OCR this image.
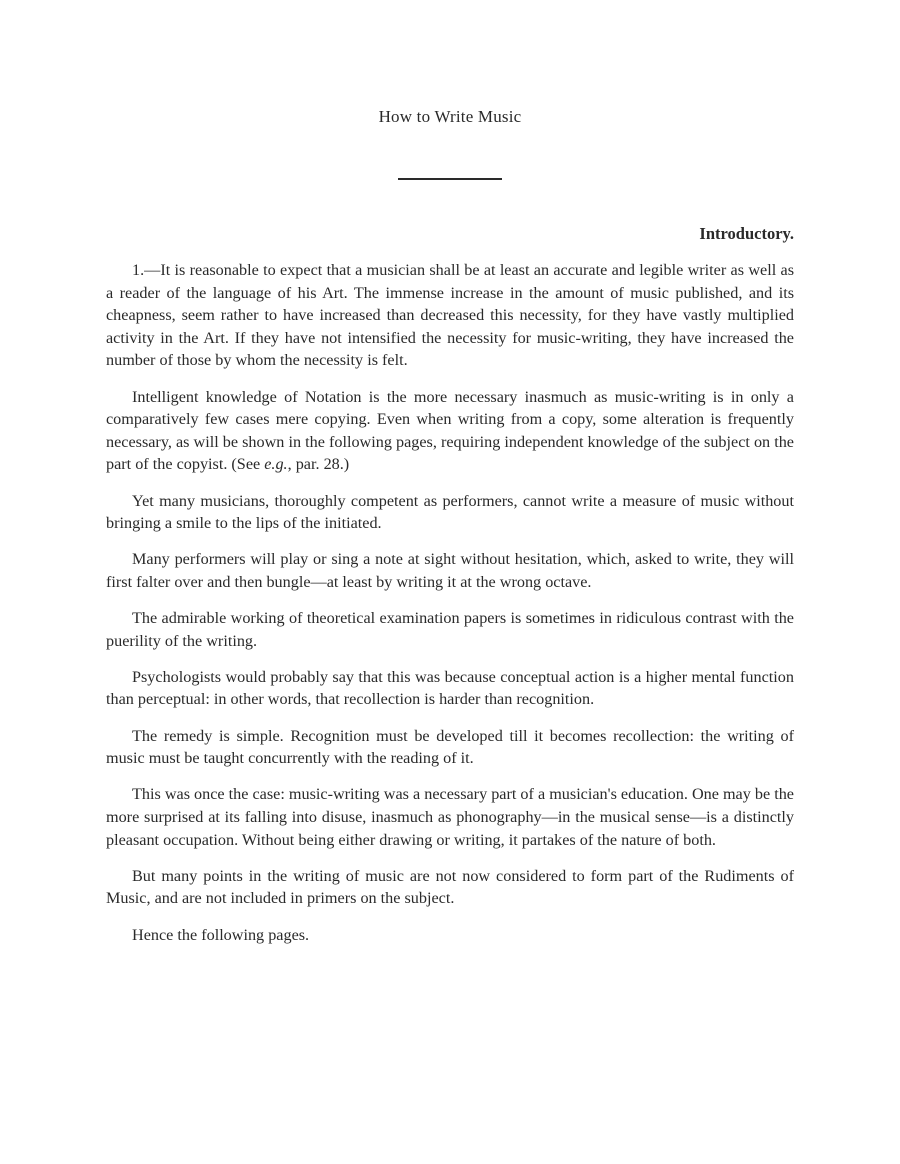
How to Write Music
Introductory.

1.—It is reasonable to expect that a musician shall be at least an accurate and legible writer as well as a reader of the language of his Art. The immense increase in the amount of music published, and its cheapness, seem rather to have increased than decreased this necessity, for they have vastly multiplied activity in the Art. If they have not intensified the necessity for music-writing, they have increased the number of those by whom the necessity is felt.

Intelligent knowledge of Notation is the more necessary inasmuch as music-writing is in only a comparatively few cases mere copying. Even when writing from a copy, some alteration is frequently necessary, as will be shown in the following pages, requiring independent knowledge of the subject on the part of the copyist. (See e.g., par. 28.)

Yet many musicians, thoroughly competent as performers, cannot write a measure of music without bringing a smile to the lips of the initiated.

Many performers will play or sing a note at sight without hesitation, which, asked to write, they will first falter over and then bungle—at least by writing it at the wrong octave.

The admirable working of theoretical examination papers is sometimes in ridiculous contrast with the puerility of the writing.

Psychologists would probably say that this was because conceptual action is a higher mental function than perceptual: in other words, that recollection is harder than recognition.

The remedy is simple. Recognition must be developed till it becomes recollection: the writing of music must be taught concurrently with the reading of it.

This was once the case: music-writing was a necessary part of a musician's education. One may be the more surprised at its falling into disuse, inasmuch as phonography—in the musical sense—is a distinctly pleasant occupation. Without being either drawing or writing, it partakes of the nature of both.

But many points in the writing of music are not now considered to form part of the Rudiments of Music, and are not included in primers on the subject.

Hence the following pages.
